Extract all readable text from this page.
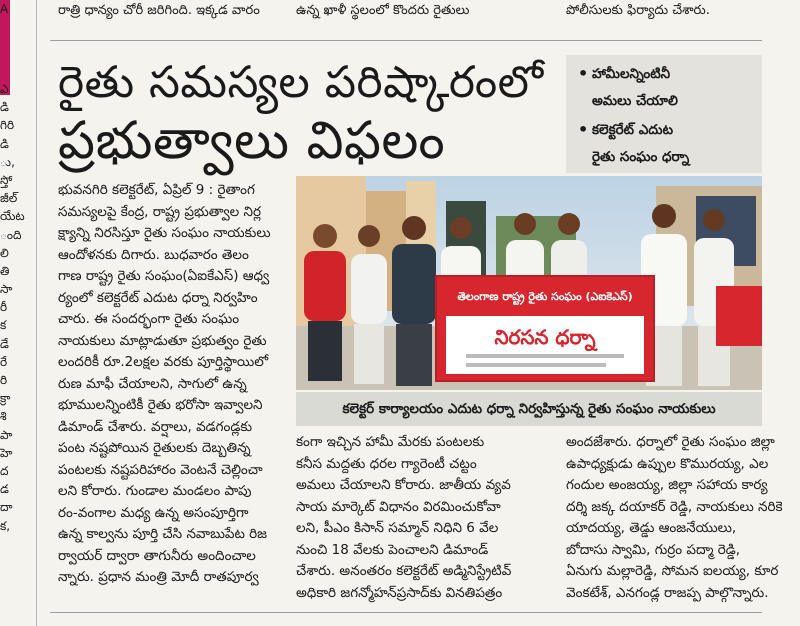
A
ఎ
డి
గిరి
డి
ు,
స్తో
జీల్
యేట
ంది
లి
తి
సా
రీ
క
డే
రే
రి
క్రా
శి
పా
హె
ద
డ
దా
క,
రాత్రి ధాన్యం చోరీ జరిగింది. ఇక్కడ వారం	ఉన్న ఖాళీ స్థలంలో కొందరు రైతులు	పోలీసులకు ఫిర్యాదు చేశారు.
రైతు సమస్యల పరిష్కారంలో
ప్రభుత్వాలు విఫలం
• హామీలన్నింటినీ
అమలు చేయాలి
• కలెక్టరేట్ ఎదుట
రైతు సంఘం ధర్నా
తెలంగాణ రాష్ట్ర రైతు సంఘం (ఎఐకెఎస్)
నిరసన ధర్నా
కలెక్టర్ కార్యాలయం ఎదుట ధర్నా నిర్వహిస్తున్న రైతు సంఘం నాయకులు
భువనగిరి కలెక్టరేట్, ఏప్రిల్ 9 : రైతాంగ
సమస్యలపై కేంద్ర, రాష్ట్ర ప్రభుత్వాల నిర్ల
క్ష్యాన్ని నిరసిస్తూ రైతు సంఘం నాయకులు
ఆందోళనకు దిగారు. బుధవారం తెలం
గాణ రాష్ట్ర రైతు సంఘం(ఏఐకేఎస్) ఆధ్వ
ర్యంలో కలెక్టరేట్ ఎదుట ధర్నా నిర్వహిం
చారు. ఈ సందర్భంగా రైతు సంఘం
నాయకులు మాట్లాడుతూ ప్రభుత్వం రైతు
లందరికీ రూ.2లక్షల వరకు పూర్తిస్థాయిలో
రుణ మాఫీ చేయాలని, సాగులో ఉన్న
భూములన్నింటికీ రైతు భరోసా ఇవ్వాలని
డిమాండ్ చేశారు. వర్షాలు, వడగండ్లకు
పంట నష్టపోయిన రైతులకు దెబ్బతిన్న
పంటలకు నష్టపరిహారం వెంటనే చెల్లించా
లని కోరారు. గుండాల మండలం పాపు
రం-వంగాల మధ్య ఉన్న అసంపూర్తిగా
ఉన్న కాల్వను పూర్తి చేసి నవాబుపేట రిజ
ర్వాయర్ ద్వారా తాగునీరు అందించాల
న్నారు. ప్రధాన మంత్రి మోదీ రాతపూర్వ
కంగా ఇచ్చిన హామీ మేరకు పంటలకు
కనీస మద్దతు ధరల గ్యారెంటీ చట్టం
అమలు చేయాలని కోరారు. జాతీయ వ్యవ
సాయ మార్కెట్ విధానం విరమించుకోవా
లని, పీఎం కిసాన్ సమ్మాన్ నిధిని 6 వేల
నుంచి 18 వేలకు పెంచాలని డిమాండ్
చేశారు. అనంతరం కలెక్టరేట్ అడ్మినిస్ట్రేటివ్
అధికారి జగన్మోహన్‌ప్రసాద్‌కు వినతిపత్రం
అందజేశారు. ధర్నాలో రైతు సంఘం జిల్లా
ఉపాధ్యక్షుడు ఉప్పుల కొమురయ్య, ఎల
గందుల అంజయ్య, జిల్లా సహాయ కార్య
దర్శి జక్క దయాకర్ రెడ్డి, నాయకులు నరికె
యాదయ్య, తెడ్డు ఆంజనేయులు,
బోదాసు స్వామి, గుర్రం పద్మా రెడ్డి,
ఏనుగు మల్లారెడ్డి, సోమన ఐలయ్య, కూర
వెంకటేశ్, ఎనగండ్ల రాజప్ప పాల్గొన్నారు.
